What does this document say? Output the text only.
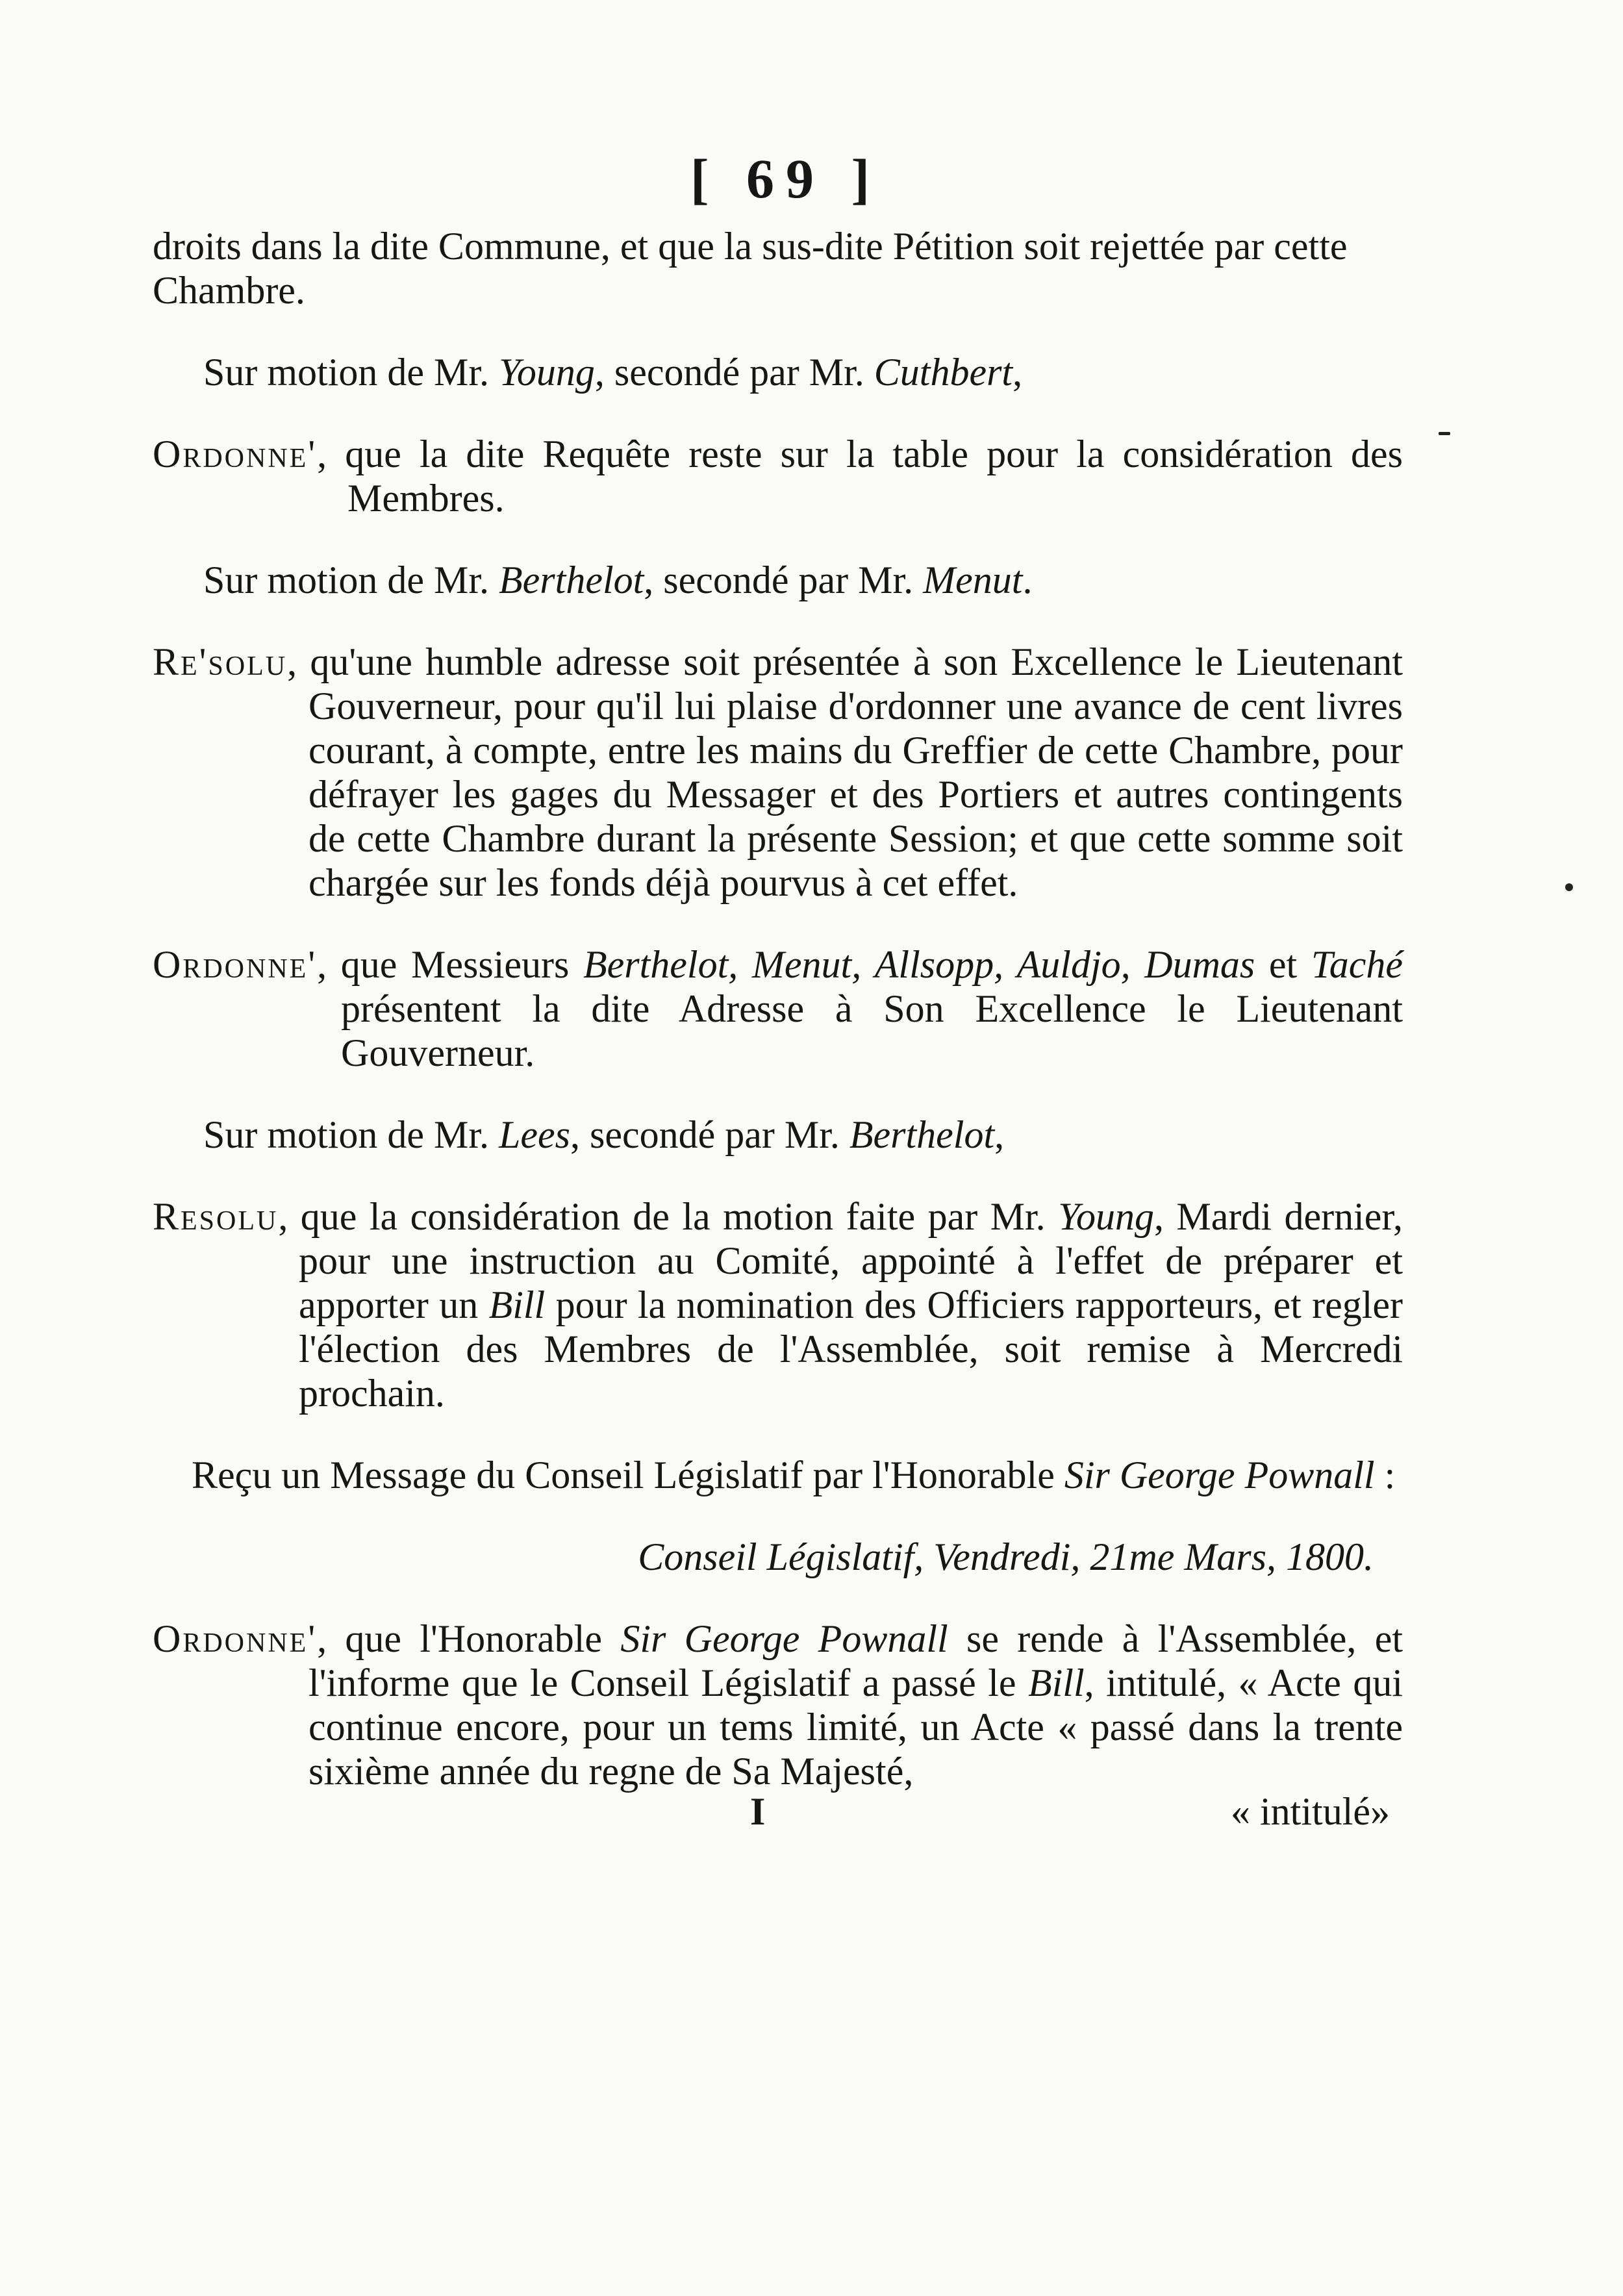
[ 69 ]

droits dans la dite Commune, et que la sus-dite Pétition soit rejettée par cette Chambre.

Sur motion de Mr. Young, secondé par Mr. Cuthbert,

Ordonne', que la dite Requête reste sur la table pour la considération des Membres.

Sur motion de Mr. Berthelot, secondé par Mr. Menut.

Re'solu, qu'une humble adresse soit présentée à son Excellence le Lieutenant Gouverneur, pour qu'il lui plaise d'ordonner une avance de cent livres courant, à compte, entre les mains du Greffier de cette Chambre, pour défrayer les gages du Messager et des Portiers et autres contingents de cette Chambre durant la présente Session; et que cette somme soit chargée sur les fonds déjà pourvus à cet effet.

Ordonne', que Messieurs Berthelot, Menut, Allsopp, Auldjo, Dumas et Taché présentent la dite Adresse à Son Excellence le Lieutenant Gouverneur.

Sur motion de Mr. Lees, secondé par Mr. Berthelot,

Resolu, que la considération de la motion faite par Mr. Young, Mardi dernier, pour une instruction au Comité, appointé à l'effet de préparer et apporter un Bill pour la nomination des Officiers rapporteurs, et regler l'élection des Membres de l'Assemblée, soit remise à Mercredi prochain.

Reçu un Message du Conseil Législatif par l'Honorable Sir George Pownall :

Conseil Législatif, Vendredi, 21me Mars, 1800.

Ordonne', que l'Honorable Sir George Pownall se rende à l'Assemblée, et l'informe que le Conseil Législatif a passé le Bill, intitulé, « Acte qui continue encore, pour un tems limité, un Acte « passé dans la trente sixième année du regne de Sa Majesté,

I	« intitulé»
